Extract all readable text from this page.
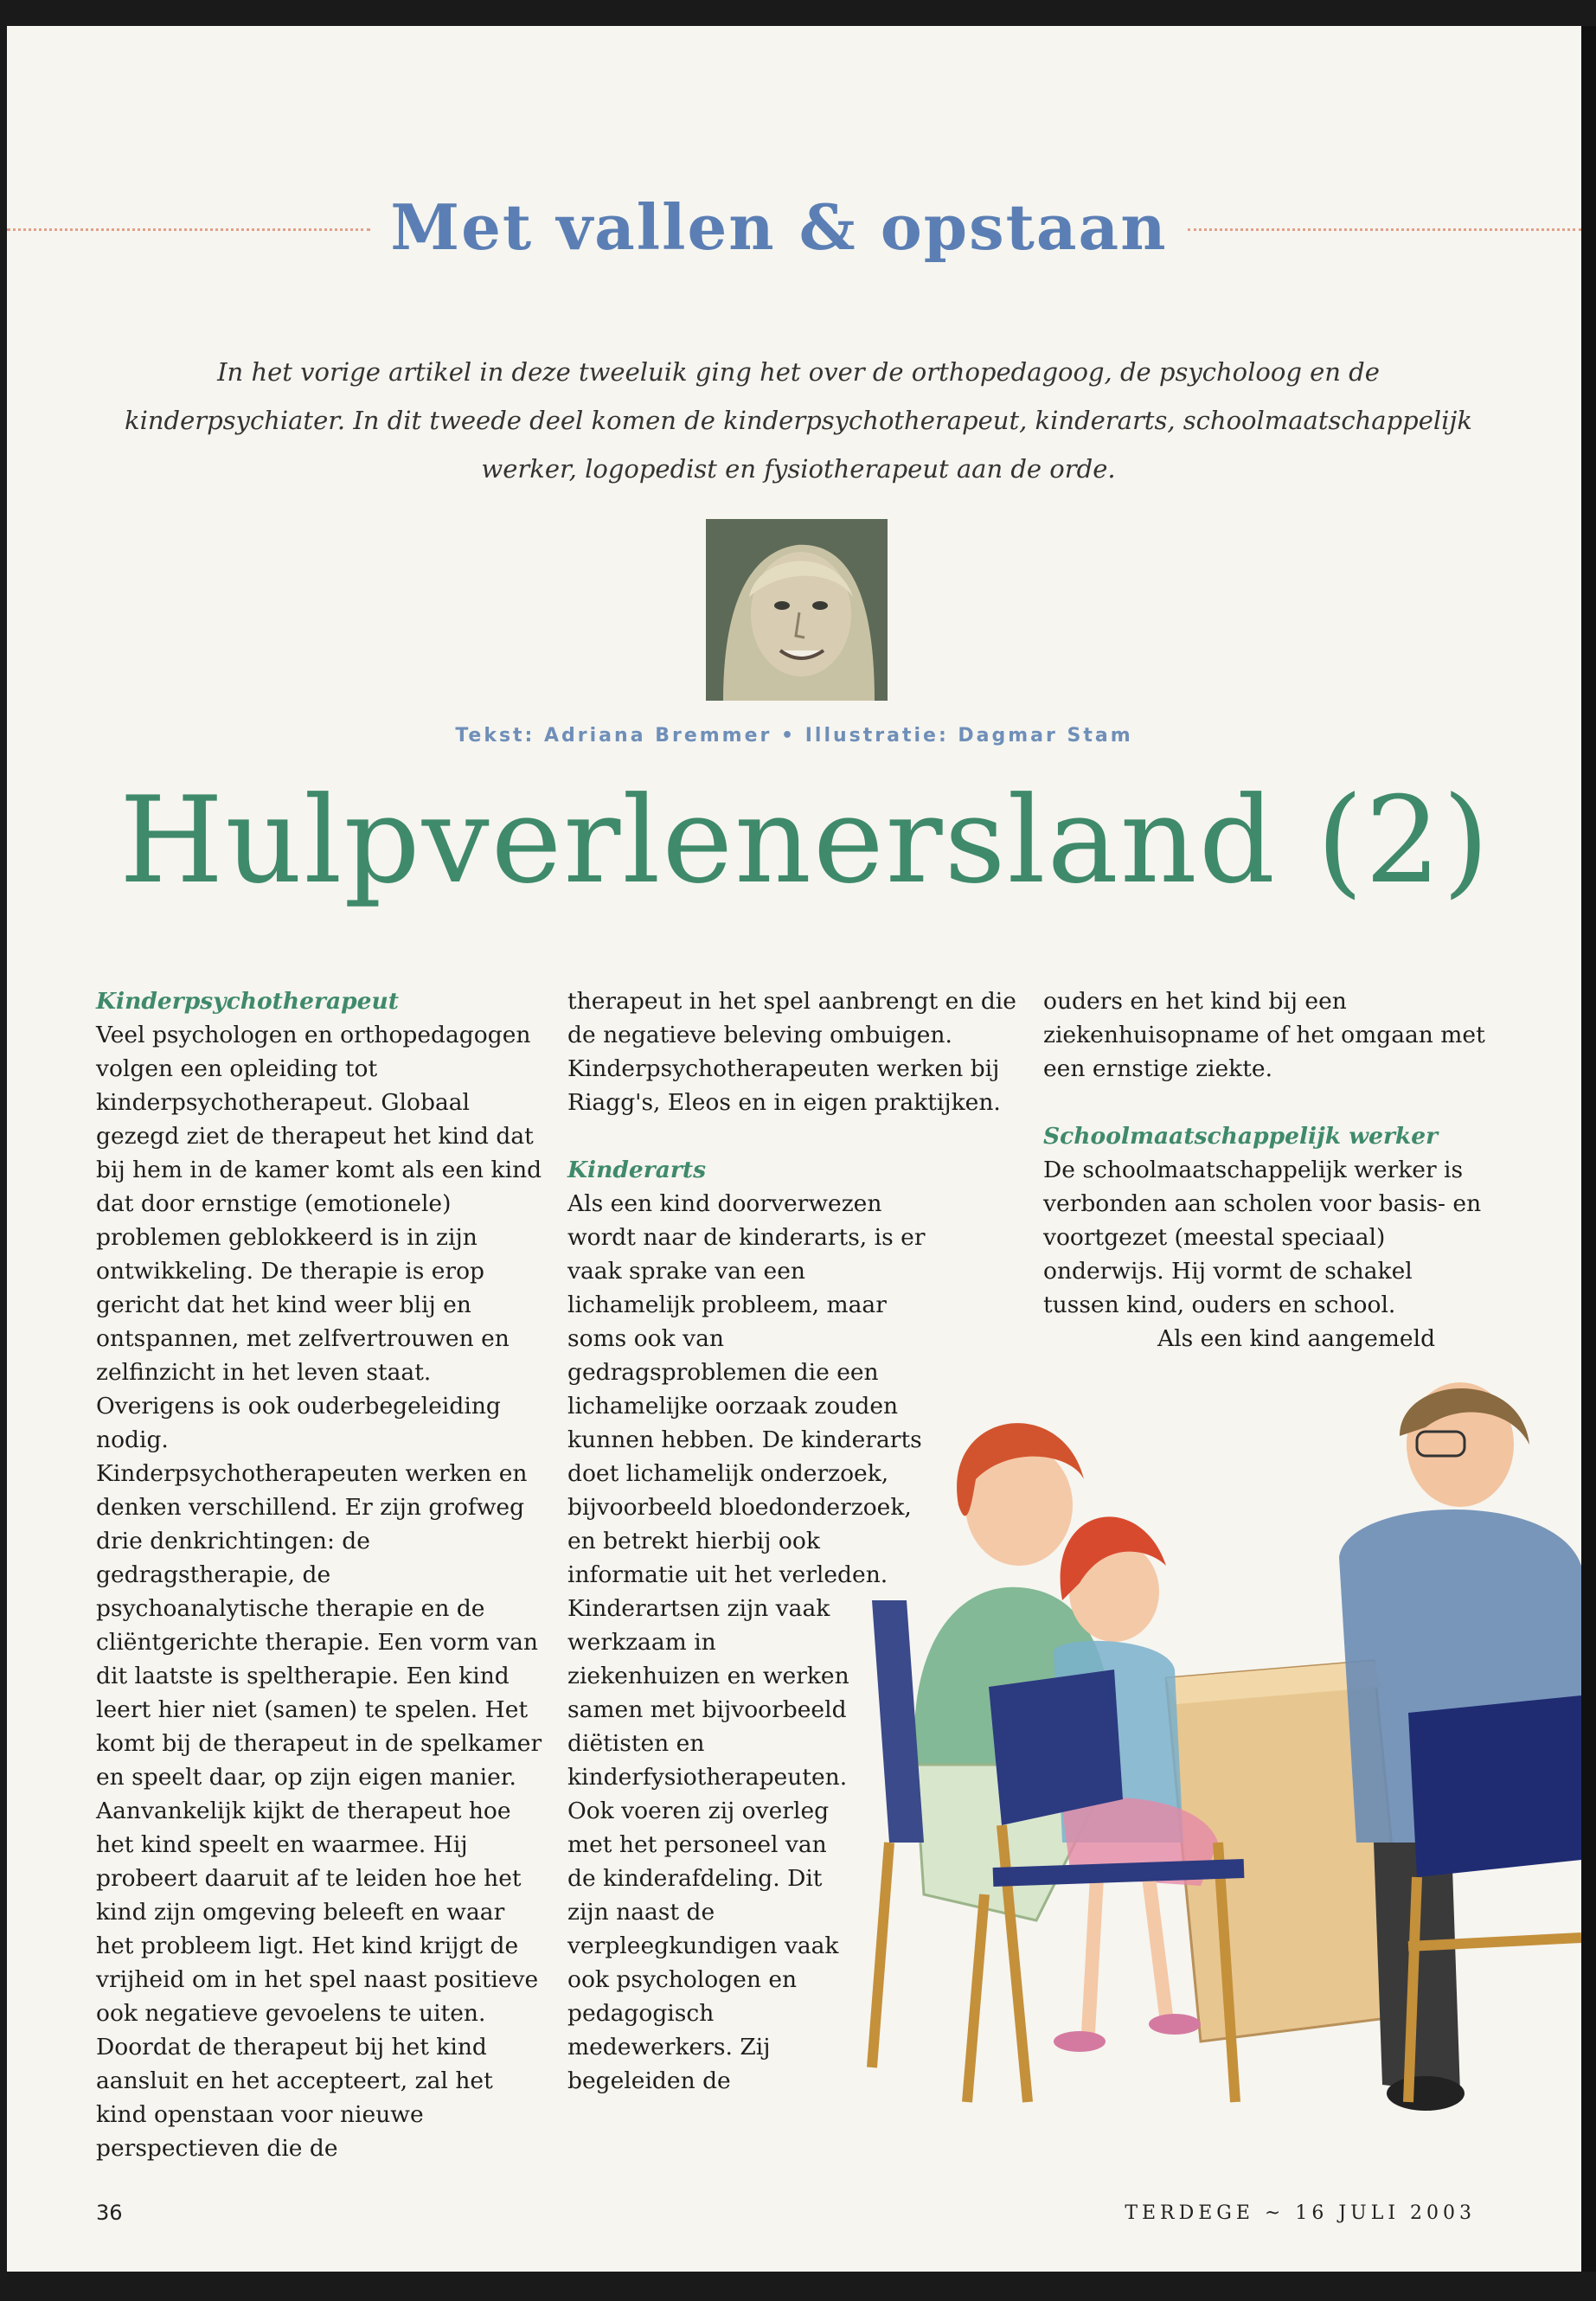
Met vallen & opstaan
In het vorige artikel in deze tweeluik ging het over de orthopedagoog, de psycholoog en de kinderpsychiater. In dit tweede deel komen de kinderpsychotherapeut, kinderarts, schoolmaatschappelijk werker, logopedist en fysiotherapeut aan de orde.
Tekst: Adriana Bremmer • Illustratie: Dagmar Stam
Hulpverlenersland (2)

Kinderpsychotherapeut

Veel psychologen en orthopedagogen volgen een opleiding tot kinderpsychotherapeut. Globaal gezegd ziet de therapeut het kind dat bij hem in de kamer komt als een kind dat door ernstige (emotionele) problemen geblokkeerd is in zijn ontwikkeling. De therapie is erop gericht dat het kind weer blij en ontspannen, met zelfvertrouwen en zelfinzicht in het leven staat. Overigens is ook ouderbegeleiding nodig.

Kinderpsychotherapeuten werken en denken verschillend. Er zijn grofweg drie denkrichtingen: de gedragstherapie, de psychoanalytische therapie en de cliëntgerichte therapie. Een vorm van dit laatste is speltherapie. Een kind leert hier niet (samen) te spelen. Het komt bij de therapeut in de spelkamer en speelt daar, op zijn eigen manier. Aanvankelijk kijkt de therapeut hoe het kind speelt en waarmee. Hij probeert daaruit af te leiden hoe het kind zijn omgeving beleeft en waar het probleem ligt. Het kind krijgt de vrijheid om in het spel naast positieve ook negatieve gevoelens te uiten. Doordat de therapeut bij het kind aansluit en het accepteert, zal het kind openstaan voor nieuwe perspectieven die de

therapeut in het spel aanbrengt en die de negatieve beleving ombuigen.

Kinderpsychotherapeuten werken bij Riagg's, Eleos en in eigen praktijken.

Kinderarts

Als een kind doorverwezen wordt naar de kinderarts, is er vaak sprake van een lichamelijk probleem, maar soms ook van gedragsproblemen die een lichamelijke oorzaak zouden kunnen hebben. De kinderarts doet lichamelijk onderzoek, bijvoorbeeld bloedonderzoek, en betrekt hierbij ook informatie uit het verleden.

Kinderartsen zijn vaak werkzaam in ziekenhuizen en werken samen met bijvoorbeeld diëtisten en kinderfysiotherapeuten. Ook voeren zij overleg met het personeel van de kinderafdeling. Dit zijn naast de verpleegkundigen vaak ook psychologen en pedagogisch medewerkers. Zij begeleiden de

ouders en het kind bij een ziekenhuisopname of het omgaan met een ernstige ziekte.

Schoolmaatschappelijk werker

De schoolmaatschappelijk werker is verbonden aan scholen voor basis- en voortgezet (meestal speciaal) onderwijs. Hij vormt de schakel tussen kind, ouders en school.

Als een kind aangemeld

36	TERDEGE ~ 16 JULI 2003
